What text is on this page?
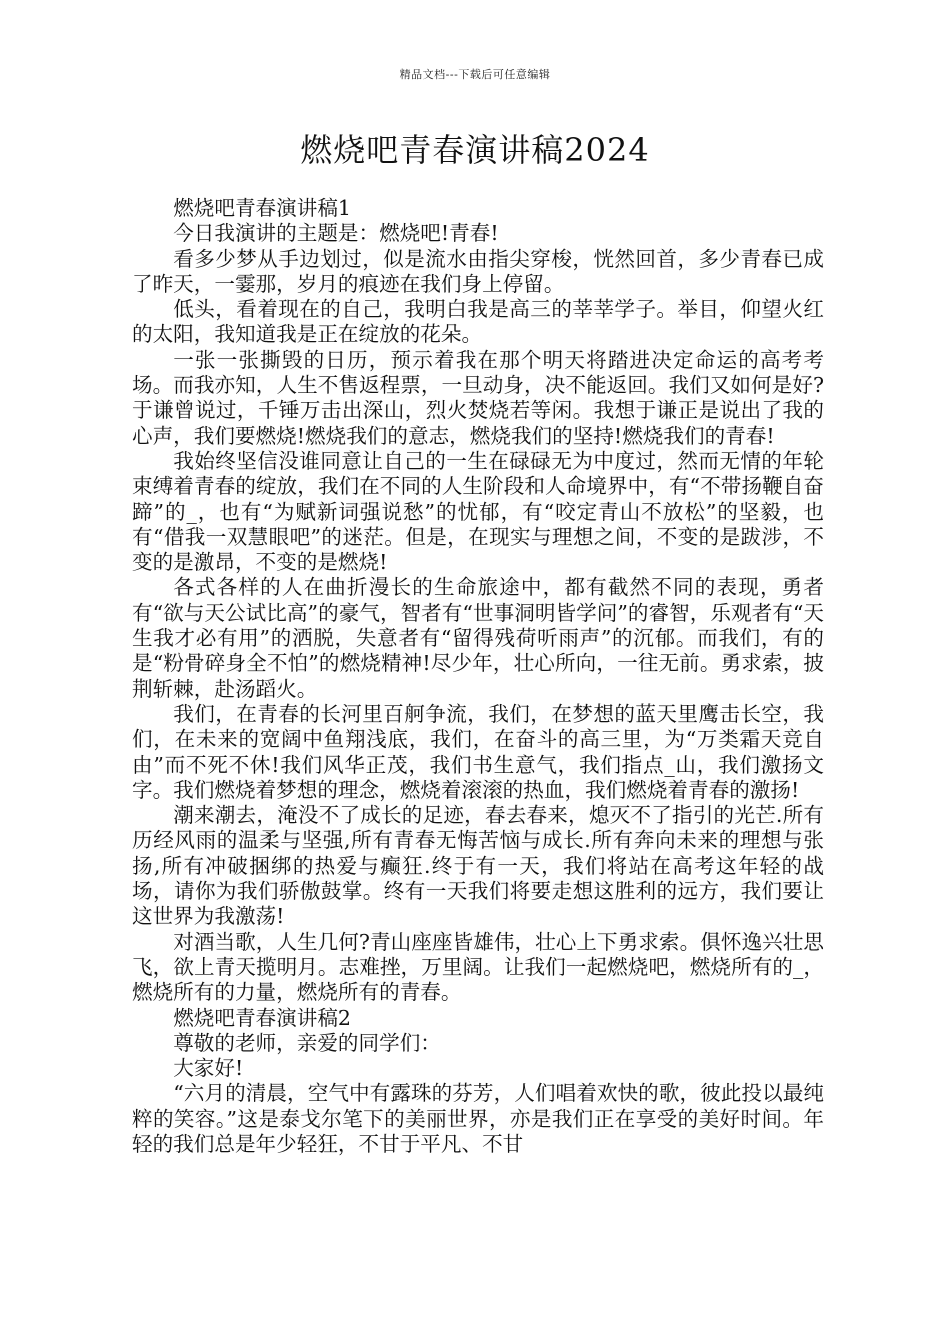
精品文档---下载后可任意编辑
燃烧吧青春演讲稿2024

燃烧吧青春演讲稿1

今日我演讲的主题是：燃烧吧!青春!

看多少梦从手边划过，似是流水由指尖穿梭，恍然回首，多少青春已成了昨天，一霎那，岁月的痕迹在我们身上停留。

低头，看着现在的自己，我明白我是高三的莘莘学子。举目，仰望火红的太阳，我知道我是正在绽放的花朵。

一张一张撕毁的日历，预示着我在那个明天将踏进决定命运的高考考场。而我亦知，人生不售返程票，一旦动身，决不能返回。我们又如何是好?于谦曾说过，千锤万击出深山，烈火焚烧若等闲。我想于谦正是说出了我的心声，我们要燃烧!燃烧我们的意志，燃烧我们的坚持!燃烧我们的青春!

我始终坚信没谁同意让自己的一生在碌碌无为中度过，然而无情的年轮束缚着青春的绽放，我们在不同的人生阶段和人命境界中，有“不带扬鞭自奋蹄”的_，也有“为赋新词强说愁”的忧郁，有“咬定青山不放松”的坚毅，也有“借我一双慧眼吧”的迷茫。但是，在现实与理想之间，不变的是跋涉，不变的是激昂，不变的是燃烧!

各式各样的人在曲折漫长的生命旅途中，都有截然不同的表现，勇者有“欲与天公试比高”的豪气，智者有“世事洞明皆学问”的睿智，乐观者有“天生我才必有用”的洒脱，失意者有“留得残荷听雨声”的沉郁。而我们，有的是“粉骨碎身全不怕”的燃烧精神!尽少年，壮心所向，一往无前。勇求索，披荆斩棘，赴汤蹈火。

我们，在青春的长河里百舸争流，我们，在梦想的蓝天里鹰击长空，我们，在未来的宽阔中鱼翔浅底，我们，在奋斗的高三里，为“万类霜天竞自由”而不死不休!我们风华正茂，我们书生意气，我们指点_山，我们激扬文字。我们燃烧着梦想的理念，燃烧着滚滚的热血，我们燃烧着青春的激扬!

潮来潮去，淹没不了成长的足迹，春去春来，熄灭不了指引的光芒.所有历经风雨的温柔与坚强,所有青春无悔苦恼与成长.所有奔向未来的理想与张扬,所有冲破捆绑的热爱与癫狂.终于有一天，我们将站在高考这年轻的战场，请你为我们骄傲鼓掌。终有一天我们将要走想这胜利的远方，我们要让这世界为我激荡!

对酒当歌，人生几何?青山座座皆雄伟，壮心上下勇求索。俱怀逸兴壮思飞，欲上青天揽明月。志难挫，万里阔。让我们一起燃烧吧，燃烧所有的_，燃烧所有的力量，燃烧所有的青春。

燃烧吧青春演讲稿2

尊敬的老师，亲爱的同学们：

大家好!

“六月的清晨，空气中有露珠的芬芳，人们唱着欢快的歌，彼此投以最纯粹的笑容。”这是泰戈尔笔下的美丽世界，亦是我们正在享受的美好时间。年轻的我们总是年少轻狂，不甘于平凡、不甘
